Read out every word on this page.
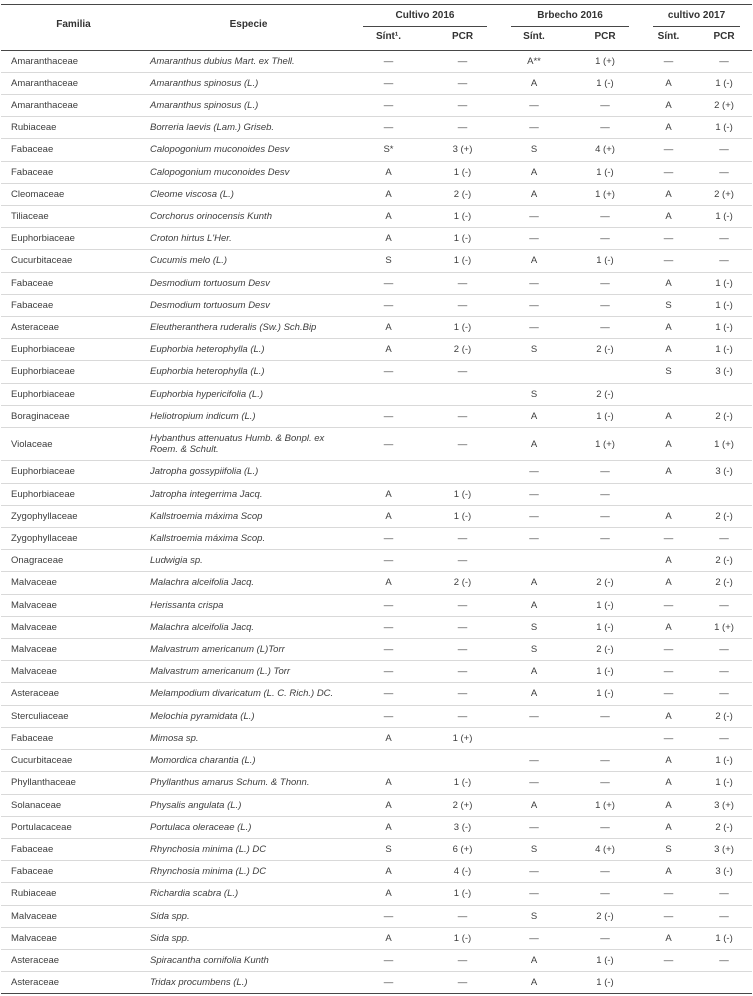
Familia	Especie	Cultivo 2016		Brbecho 2016		cultivo 2017	

		Sínt¹.	PCR	Sínt.	PCR	Sínt.	PCR
Amaranthaceae	Amaranthus dubius Mart. ex Thell.	—	—	A**	1 (+)	—	—
Amaranthaceae	Amaranthus spinosus (L.)	—	—	A	1 (-)	A	1 (-)
Amaranthaceae	Amaranthus spinosus (L.)	—	—	—	—	A	2 (+)
Rubiaceae	Borreria laevis (Lam.) Griseb.	—	—	—	—	A	1 (-)
Fabaceae	Calopogonium muconoides Desv	S*	3 (+)	S	4 (+)	—	—
Fabaceae	Calopogonium muconoides Desv	A	1 (-)	A	1 (-)	—	—
Cleomaceae	Cleome viscosa (L.)	A	2 (-)	A	1 (+)	A	2 (+)
Tiliaceae	Corchorus orinocensis Kunth	A	1 (-)	—	—	A	1 (-)
Euphorbiaceae	Croton hirtus L'Her.	A	1 (-)	—	—	—	—
Cucurbitaceae	Cucumis melo (L.)	S	1 (-)	A	1 (-)	—	—
Fabaceae	Desmodium tortuosum Desv	—	—	—	—	A	1 (-)
Fabaceae	Desmodium tortuosum Desv	—	—	—	—	S	1 (-)
Asteraceae	Eleutheranthera ruderalis (Sw.) Sch.Bip	A	1 (-)	—	—	A	1 (-)
Euphorbiaceae	Euphorbia heterophylla (L.)	A	2 (-)	S	2 (-)	A	1 (-)
Euphorbiaceae	Euphorbia heterophylla (L.)	—	—			S	3 (-)
Euphorbiaceae	Euphorbia hypericifolia (L.)			S	2 (-)		
Boraginaceae	Heliotropium indicum (L.)	—	—	A	1 (-)	A	2 (-)
Violaceae	Hybanthus attenuatus Humb. & Bonpl. ex Roem. & Schult.	—	—	A	1 (+)	A	1 (+)
Euphorbiaceae	Jatropha gossypiifolia (L.)			—	—	A	3 (-)
Euphorbiaceae	Jatropha integerrima Jacq.	A	1 (-)	—	—		
Zygophyllaceae	Kallstroemia máxima Scop	A	1 (-)	—	—	A	2 (-)
Zygophyllaceae	Kallstroemia máxima Scop.	—	—	—	—	—	—
Onagraceae	Ludwigia sp.	—	—			A	2 (-)
Malvaceae	Malachra alceifolia Jacq.	A	2 (-)	A	2 (-)	A	2 (-)
Malvaceae	Herissanta crispa	—	—	A	1 (-)	—	—
Malvaceae	Malachra alceifolia Jacq.	—	—	S	1 (-)	A	1 (+)
Malvaceae	Malvastrum americanum (L)Torr	—	—	S	2 (-)	—	—
Malvaceae	Malvastrum americanum (L.) Torr	—	—	A	1 (-)	—	—
Asteraceae	Melampodium divaricatum (L. C. Rich.) DC.	—	—	A	1 (-)	—	—
Sterculiaceae	Melochia pyramidata (L.)	—	—	—	—	A	2 (-)
Fabaceae	Mimosa sp.	A	1 (+)			—	—
Cucurbitaceae	Momordica charantia (L.)			—	—	A	1 (-)
Phyllanthaceae	Phyllanthus amarus Schum. & Thonn.	A	1 (-)	—	—	A	1 (-)
Solanaceae	Physalis angulata (L.)	A	2 (+)	A	1 (+)	A	3 (+)
Portulacaceae	Portulaca oleraceae (L.)	A	3 (-)	—	—	A	2 (-)
Fabaceae	Rhynchosia minima (L.) DC	S	6 (+)	S	4 (+)	S	3 (+)
Fabaceae	Rhynchosia minima (L.) DC	A	4 (-)	—	—	A	3 (-)
Rubiaceae	Richardia scabra (L.)	A	1 (-)	—	—	—	—
Malvaceae	Sida spp.	—	—	S	2 (-)	—	—
Malvaceae	Sida spp.	A	1 (-)	—	—	A	1 (-)
Asteraceae	Spiracantha cornifolia Kunth	—	—	A	1 (-)	—	—
Asteraceae	Tridax procumbens (L.)	—	—	A	1 (-)		
